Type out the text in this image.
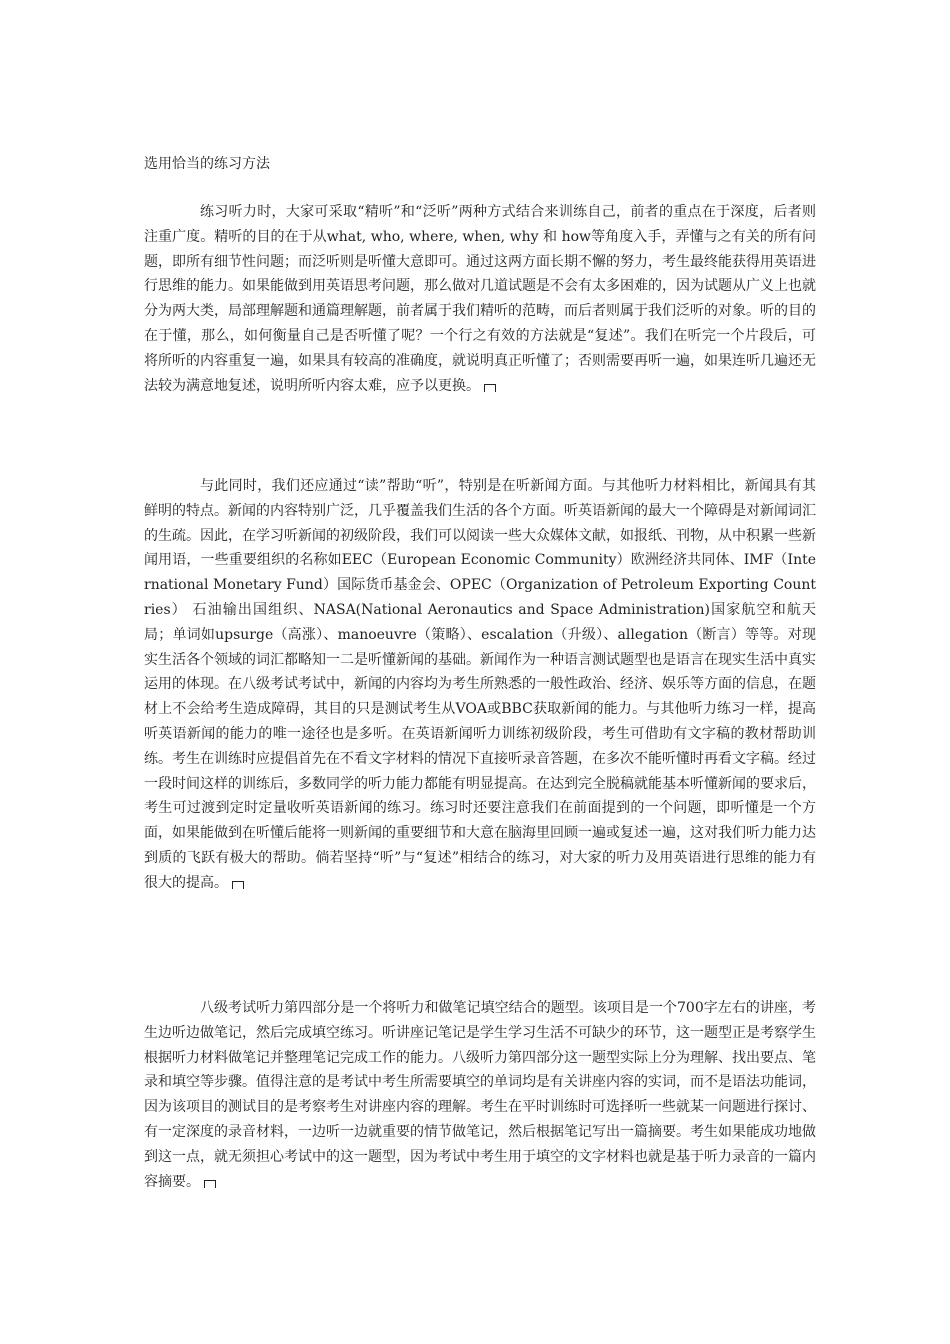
选用恰当的练习方法
练习听力时，大家可采取“精听”和“泛听”两种方式结合来训练自己，前者的重点在于深度，后者则注重广度。精听的目的在于从what, who, where, when, why 和 how等角度入手，弄懂与之有关的所有问题，即所有细节性问题；而泛听则是听懂大意即可。通过这两方面长期不懈的努力，考生最终能获得用英语进行思维的能力。如果能做到用英语思考问题，那么做对几道试题是不会有太多困难的，因为试题从广义上也就分为两大类，局部理解题和通篇理解题，前者属于我们精听的范畴，而后者则属于我们泛听的对象。听的目的在于懂，那么，如何衡量自己是否听懂了呢？一个行之有效的方法就是“复述”。我们在听完一个片段后，可将所听的内容重复一遍，如果具有较高的准确度，就说明真正听懂了；否则需要再听一遍，如果连听几遍还无法较为满意地复述，说明所听内容太难，应予以更换。
与此同时，我们还应通过“读”帮助“听”，特别是在听新闻方面。与其他听力材料相比，新闻具有其鲜明的特点。新闻的内容特别广泛，几乎覆盖我们生活的各个方面。听英语新闻的最大一个障碍是对新闻词汇的生疏。因此，在学习听新闻的初级阶段，我们可以阅读一些大众媒体文献，如报纸、刊物，从中积累一些新闻用语，一些重要组织的名称如EEC（European Economic Community）欧洲经济共同体、IMF（International Monetary Fund）国际货币基金会、OPEC（Organization of Petroleum Exporting Countries） 石油输出国组织、NASA(National Aeronautics and Space Administration)国家航空和航天局；单词如upsurge（高涨）、manoeuvre（策略）、escalation（升级）、allegation（断言）等等。对现实生活各个领域的词汇都略知一二是听懂新闻的基础。新闻作为一种语言测试题型也是语言在现实生活中真实运用的体现。在八级考试考试中，新闻的内容均为考生所熟悉的一般性政治、经济、娱乐等方面的信息，在题材上不会给考生造成障碍，其目的只是测试考生从VOA或BBC获取新闻的能力。与其他听力练习一样，提高听英语新闻的能力的唯一途径也是多听。在英语新闻听力训练初级阶段，考生可借助有文字稿的教材帮助训练。考生在训练时应提倡首先在不看文字材料的情况下直接听录音答题，在多次不能听懂时再看文字稿。经过一段时间这样的训练后，多数同学的听力能力都能有明显提高。在达到完全脱稿就能基本听懂新闻的要求后，考生可过渡到定时定量收听英语新闻的练习。练习时还要注意我们在前面提到的一个问题，即听懂是一个方面，如果能做到在听懂后能将一则新闻的重要细节和大意在脑海里回顾一遍或复述一遍，这对我们听力能力达到质的飞跃有极大的帮助。倘若坚持“听”与“复述”相结合的练习，对大家的听力及用英语进行思维的能力有很大的提高。
八级考试听力第四部分是一个将听力和做笔记填空结合的题型。该项目是一个700字左右的讲座，考生边听边做笔记，然后完成填空练习。听讲座记笔记是学生学习生活不可缺少的环节，这一题型正是考察学生根据听力材料做笔记并整理笔记完成工作的能力。八级听力第四部分这一题型实际上分为理解、找出要点、笔录和填空等步骤。值得注意的是考试中考生所需要填空的单词均是有关讲座内容的实词，而不是语法功能词，因为该项目的测试目的是考察考生对讲座内容的理解。考生在平时训练时可选择听一些就某一问题进行探讨、有一定深度的录音材料，一边听一边就重要的情节做笔记，然后根据笔记写出一篇摘要。考生如果能成功地做到这一点，就无须担心考试中的这一题型，因为考试中考生用于填空的文字材料也就是基于听力录音的一篇内容摘要。
